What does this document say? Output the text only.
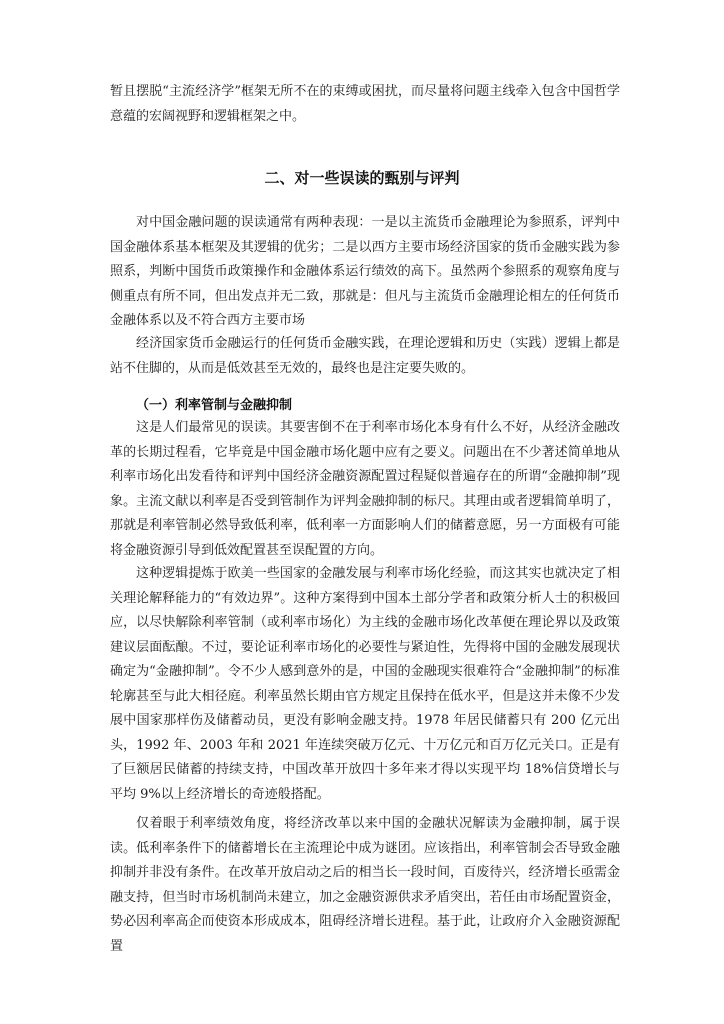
暂且摆脱“主流经济学”框架无所不在的束缚或困扰，而尽量将问题主线牵入包含中国哲学意蕴的宏阔视野和逻辑框架之中。

二、对一些误读的甄别与评判

对中国金融问题的误读通常有两种表现：一是以主流货币金融理论为参照系，评判中国金融体系基本框架及其逻辑的优劣；二是以西方主要市场经济国家的货币金融实践为参照系，判断中国货币政策操作和金融体系运行绩效的高下。虽然两个参照系的观察角度与侧重点有所不同，但出发点并无二致，那就是：但凡与主流货币金融理论相左的任何货币金融体系以及不符合西方主要市场

经济国家货币金融运行的任何货币金融实践，在理论逻辑和历史（实践）逻辑上都是站不住脚的，从而是低效甚至无效的，最终也是注定要失败的。

（一）利率管制与金融抑制

这是人们最常见的误读。其要害倒不在于利率市场化本身有什么不好，从经济金融改革的长期过程看，它毕竟是中国金融市场化题中应有之要义。问题出在不少著述简单地从利率市场化出发看待和评判中国经济金融资源配置过程疑似普遍存在的所谓“金融抑制”现象。主流文献以利率是否受到管制作为评判金融抑制的标尺。其理由或者逻辑简单明了，那就是利率管制必然导致低利率，低利率一方面影响人们的储蓄意愿，另一方面极有可能将金融资源引导到低效配置甚至误配置的方向。

这种逻辑提炼于欧美一些国家的金融发展与利率市场化经验，而这其实也就决定了相关理论解释能力的“有效边界”。这种方案得到中国本土部分学者和政策分析人士的积极回应，以尽快解除利率管制（或利率市场化）为主线的金融市场化改革便在理论界以及政策建议层面酝酿。不过，要论证利率市场化的必要性与紧迫性，先得将中国的金融发展现状确定为“金融抑制”。令不少人感到意外的是，中国的金融现实很难符合“金融抑制”的标准轮廓甚至与此大相径庭。利率虽然长期由官方规定且保持在低水平，但是这并未像不少发展中国家那样伤及储蓄动员，更没有影响金融支持。1978 年居民储蓄只有 200 亿元出头，1992 年、2003 年和 2021 年连续突破万亿元、十万亿元和百万亿元关口。正是有了巨额居民储蓄的持续支持，中国改革开放四十多年来才得以实现平均 18%信贷增长与平均 9%以上经济增长的奇迹般搭配。

仅着眼于利率绩效角度，将经济改革以来中国的金融状况解读为金融抑制，属于误读。低利率条件下的储蓄增长在主流理论中成为谜团。应该指出，利率管制会否导致金融抑制并非没有条件。在改革开放启动之后的相当长一段时间，百废待兴，经济增长亟需金融支持，但当时市场机制尚未建立，加之金融资源供求矛盾突出，若任由市场配置资金，势必因利率高企而使资本形成成本，阻碍经济增长进程。基于此，让政府介入金融资源配置
